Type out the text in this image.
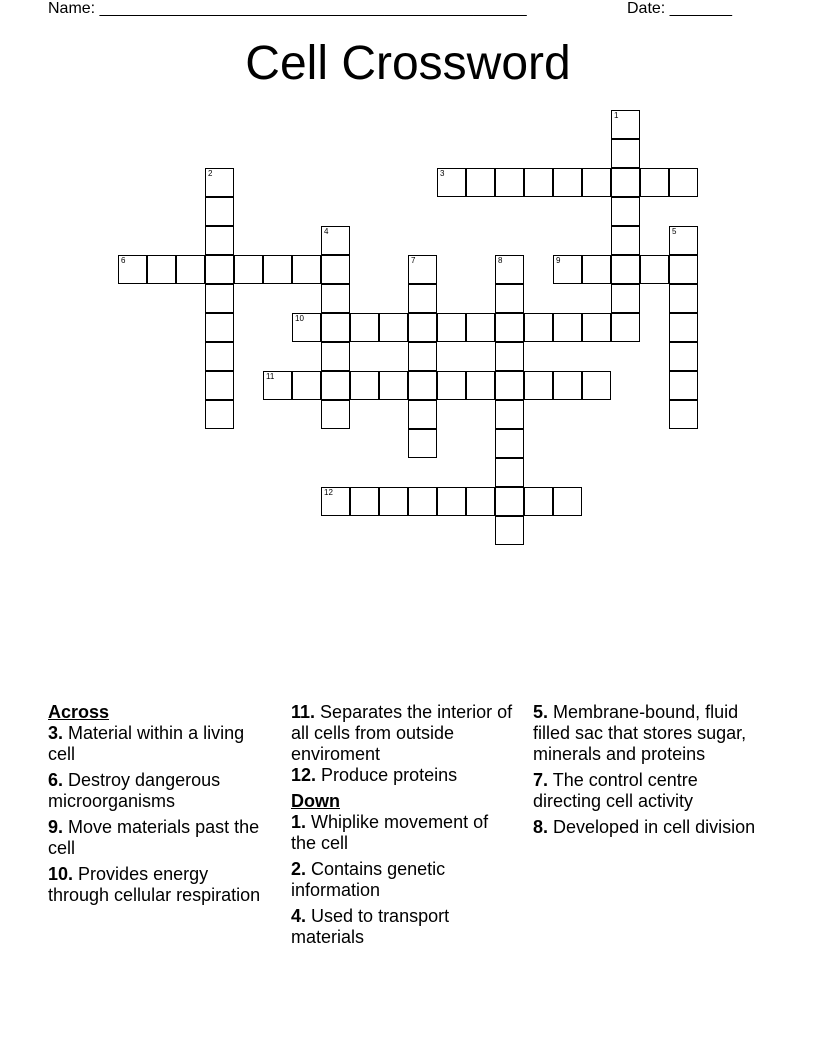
Name: ________________________________________________	Date: _______
Cell Crossword
1
2	3
4	5
6	7	8	9
10
11
12
Across
3. Material within a living cell
6. Destroy dangerous microorganisms
9. Move materials past the cell
10. Provides energy through cellular respiration
11. Separates the interior of all cells from outside enviroment
12. Produce proteins
Down
1. Whiplike movement of the cell
2. Contains genetic information
4. Used to transport materials
5. Membrane-bound, fluid filled sac that stores sugar, minerals and proteins
7. The control centre directing cell activity
8. Developed in cell division
